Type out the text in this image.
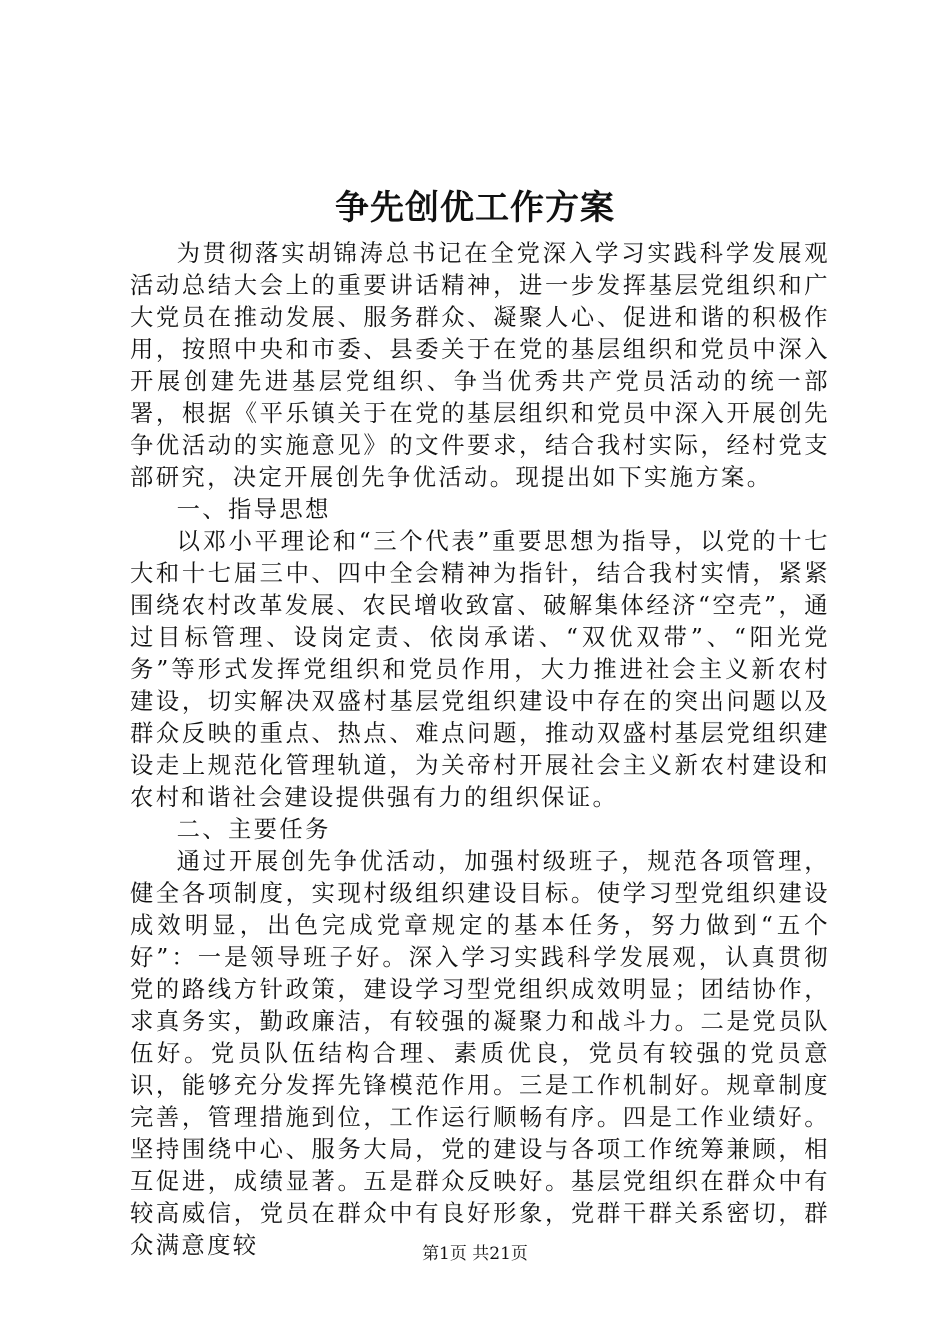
争先创优工作方案

为贯彻落实胡锦涛总书记在全党深入学习实践科学发展观活动总结大会上的重要讲话精神，进一步发挥基层党组织和广大党员在推动发展、服务群众、凝聚人心、促进和谐的积极作用，按照中央和市委、县委关于在党的基层组织和党员中深入开展创建先进基层党组织、争当优秀共产党员活动的统一部署，根据《平乐镇关于在党的基层组织和党员中深入开展创先争优活动的实施意见》的文件要求，结合我村实际，经村党支部研究，决定开展创先争优活动。现提出如下实施方案。

一、指导思想

以邓小平理论和“三个代表”重要思想为指导，以党的十七大和十七届三中、四中全会精神为指针，结合我村实情，紧紧围绕农村改革发展、农民增收致富、破解集体经济“空壳”，通过目标管理、设岗定责、依岗承诺、“双优双带”、“阳光党务”等形式发挥党组织和党员作用，大力推进社会主义新农村建设，切实解决双盛村基层党组织建设中存在的突出问题以及群众反映的重点、热点、难点问题，推动双盛村基层党组织建设走上规范化管理轨道，为关帝村开展社会主义新农村建设和农村和谐社会建设提供强有力的组织保证。

二、主要任务

通过开展创先争优活动，加强村级班子，规范各项管理，健全各项制度，实现村级组织建设目标。使学习型党组织建设成效明显，出色完成党章规定的基本任务，努力做到“五个好”：一是领导班子好。深入学习实践科学发展观，认真贯彻党的路线方针政策，建设学习型党组织成效明显；团结协作，求真务实，勤政廉洁，有较强的凝聚力和战斗力。二是党员队伍好。党员队伍结构合理、素质优良，党员有较强的党员意识，能够充分发挥先锋模范作用。三是工作机制好。规章制度完善，管理措施到位，工作运行顺畅有序。四是工作业绩好。坚持围绕中心、服务大局，党的建设与各项工作统筹兼顾，相互促进，成绩显著。五是群众反映好。基层党组织在群众中有较高威信，党员在群众中有良好形象，党群干群关系密切，群众满意度较	第1页 共21页
